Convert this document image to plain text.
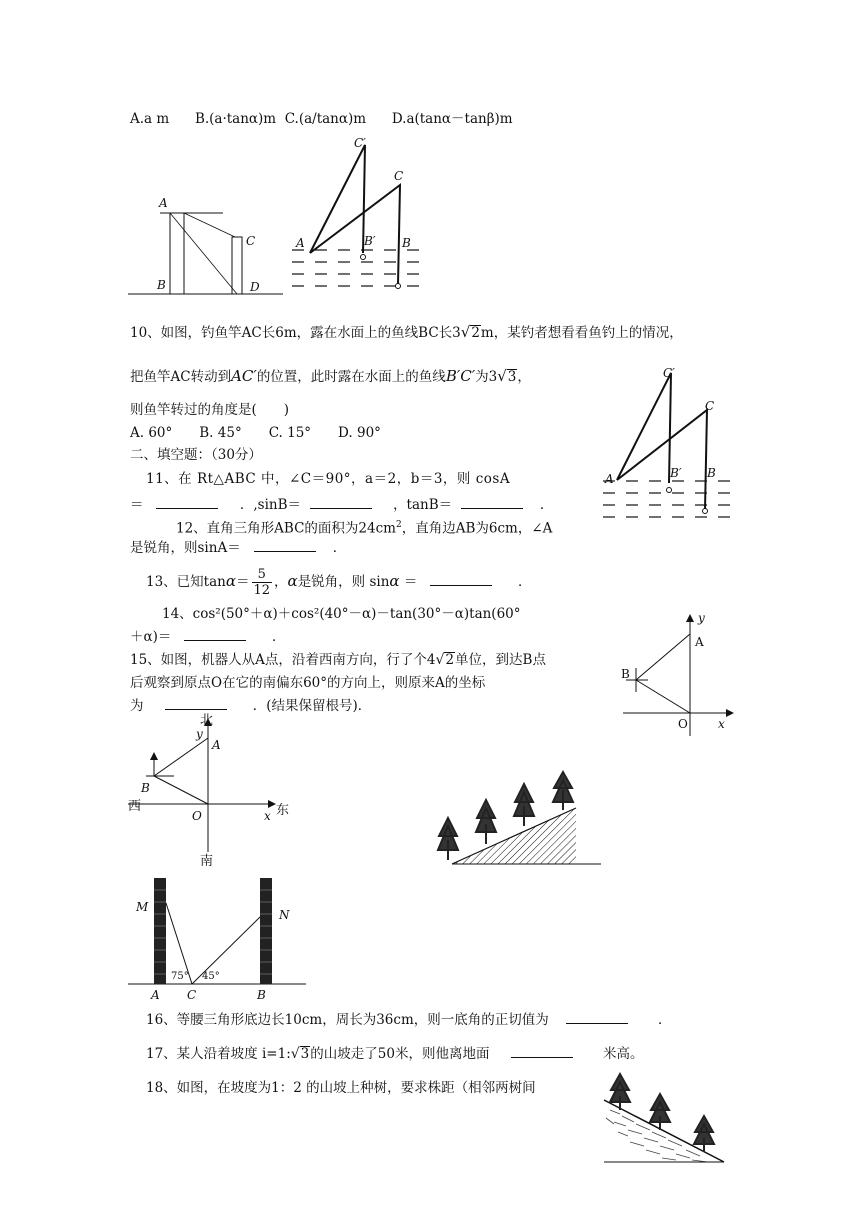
A.a m B.(a·tanα)m C.(a/tanα)m D.a(tanα－tanβ)m
A
B
C
D
A	B
C
B′
C′
10、如图，钓鱼竿AC长6m，露在水面上的鱼线BC长3√2m，某钓者想看看鱼钓上的情况，
把鱼竿AC转动到AC′的位置，此时露在水面上的鱼线B′C′为3√3，
则鱼竿转过的角度是(　　)
A. 60°　　B. 45°　　C. 15°　　D. 90°
A	B
C
B′
C′
二、填空题：（30分）
11、在 Rt△ABC 中，∠C＝90°，a＝2，b＝3，则 cosA
＝	．,sinB＝	，tanB＝	．
12、直角三角形ABC的面积为$24cm^2$，直角边AB为6cm，∠A
是锐角，则sinA＝	．
13、已知$\tan\alpha= \frac{5}{12}$ ，α是锐角，则 sinα ＝	．
14、cos²(50°＋α)＋cos²(40°－α)－tan(30°－α)tan(60°
＋α)＝	．
15、如图，机器人从A点，沿着西南方向，行了个4√2单位，到达B点
后观察到原点O在它的南偏东60°的方向上，则原来A的坐标
为	．(结果保留根号)．
y
A
B
O	x
北
y
A
B
西
O	x 东
南
M
N
75° 45°
A C	B
16、等腰三角形底边长10cm，周长为36cm，则一底角的正切值为	．
17、某人沿着坡度 i=1:√3的山坡走了50米，则他离地面	米高。
18、如图，在坡度为1：2 的山坡上种树，要求株距（相邻两树间
